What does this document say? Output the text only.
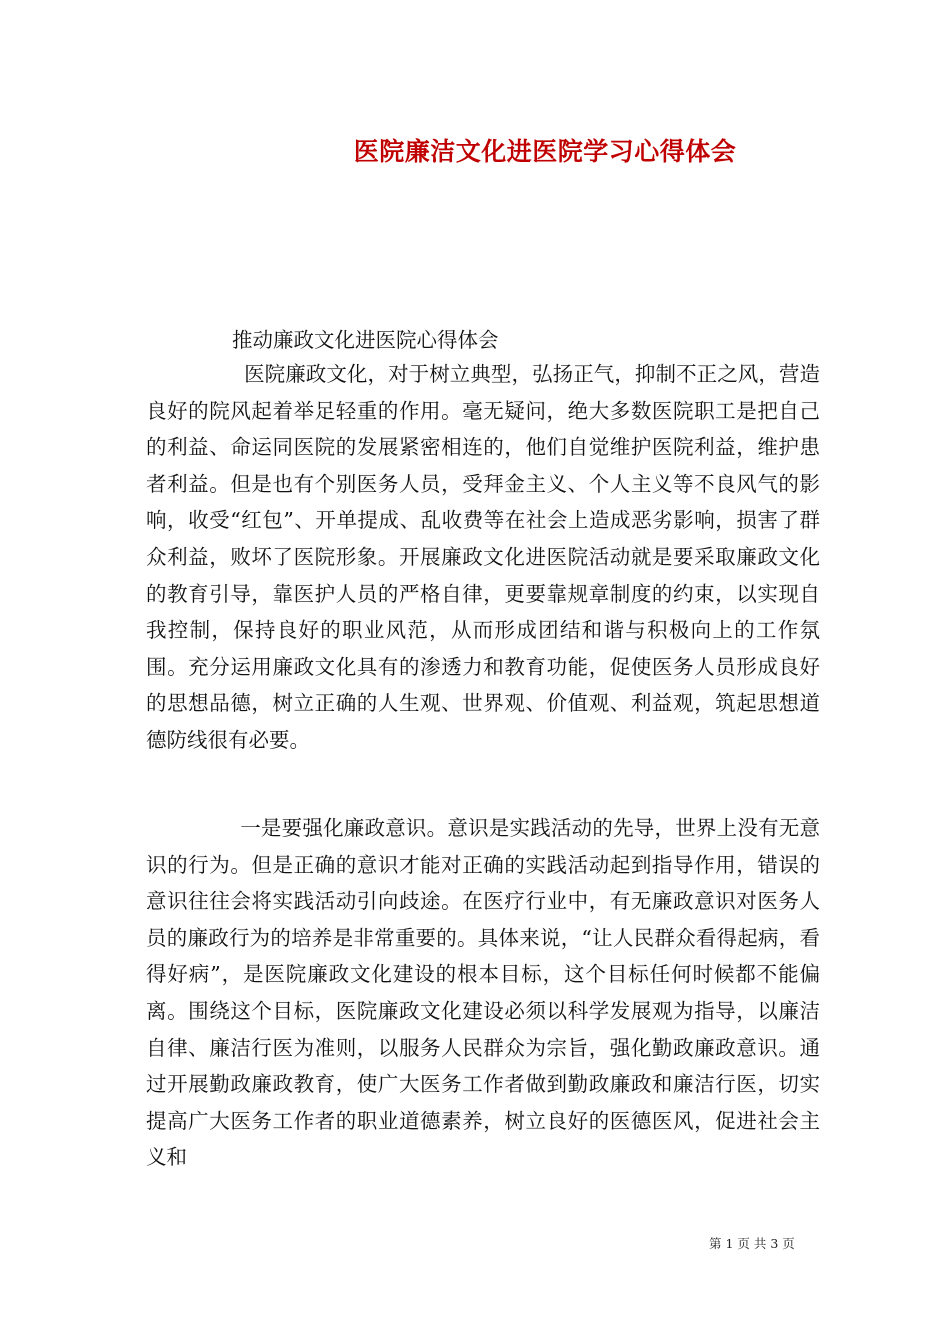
医院廉洁文化进医院学习心得体会
推动廉政文化进医院心得体会
医院廉政文化，对于树立典型，弘扬正气，抑制不正之风，营造良好的院风起着举足轻重的作用。毫无疑问，绝大多数医院职工是把自己的利益、命运同医院的发展紧密相连的，他们自觉维护医院利益，维护患者利益。但是也有个别医务人员，受拜金主义、个人主义等不良风气的影响，收受“红包”、开单提成、乱收费等在社会上造成恶劣影响，损害了群众利益，败坏了医院形象。开展廉政文化进医院活动就是要采取廉政文化的教育引导，靠医护人员的严格自律，更要靠规章制度的约束，以实现自我控制，保持良好的职业风范，从而形成团结和谐与积极向上的工作氛围。充分运用廉政文化具有的渗透力和教育功能，促使医务人员形成良好的思想品德，树立正确的人生观、世界观、价值观、利益观，筑起思想道德防线很有必要。
一是要强化廉政意识。意识是实践活动的先导，世界上没有无意识的行为。但是正确的意识才能对正确的实践活动起到指导作用，错误的意识往往会将实践活动引向歧途。在医疗行业中，有无廉政意识对医务人员的廉政行为的培养是非常重要的。具体来说，“让人民群众看得起病，看得好病”，是医院廉政文化建设的根本目标，这个目标任何时候都不能偏离。围绕这个目标，医院廉政文化建设必须以科学发展观为指导，以廉洁自律、廉洁行医为准则，以服务人民群众为宗旨，强化勤政廉政意识。通过开展勤政廉政教育，使广大医务工作者做到勤政廉政和廉洁行医，切实提高广大医务工作者的职业道德素养，树立良好的医德医风，促进社会主义和
第 1 页 共 3 页
